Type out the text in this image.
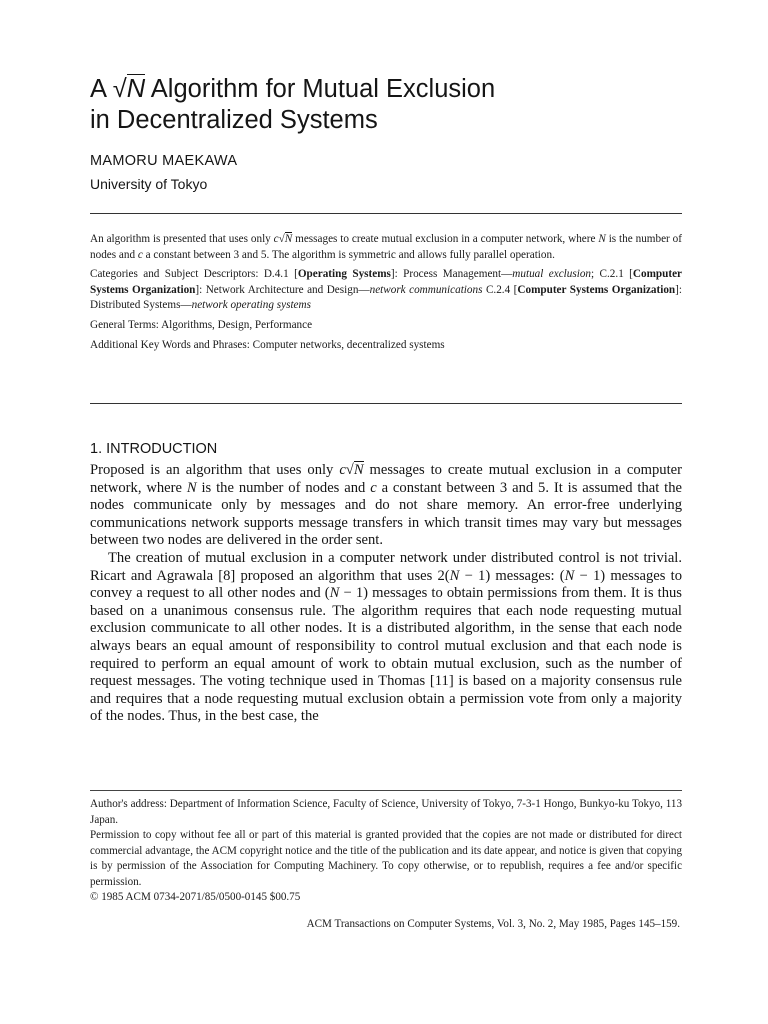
A √N Algorithm for Mutual Exclusion
in Decentralized Systems
MAMORU MAEKAWA
University of Tokyo

An algorithm is presented that uses only c√N messages to create mutual exclusion in a computer network, where N is the number of nodes and c a constant between 3 and 5. The algorithm is symmetric and allows fully parallel operation.

Categories and Subject Descriptors: D.4.1 [Operating Systems]: Process Management—mutual exclusion; C.2.1 [Computer Systems Organization]: Network Architecture and Design—network communications C.2.4 [Computer Systems Organization]: Distributed Systems—network operating systems

General Terms: Algorithms, Design, Performance

Additional Key Words and Phrases: Computer networks, decentralized systems

1. INTRODUCTION

Proposed is an algorithm that uses only c√N messages to create mutual exclusion in a computer network, where N is the number of nodes and c a constant between 3 and 5. It is assumed that the nodes communicate only by messages and do not share memory. An error-free underlying communications network supports message transfers in which transit times may vary but messages between two nodes are delivered in the order sent.

The creation of mutual exclusion in a computer network under distributed control is not trivial. Ricart and Agrawala [8] proposed an algorithm that uses 2(N − 1) messages: (N − 1) messages to convey a request to all other nodes and (N − 1) messages to obtain permissions from them. It is thus based on a unanimous consensus rule. The algorithm requires that each node requesting mutual exclusion communicate to all other nodes. It is a distributed algorithm, in the sense that each node always bears an equal amount of responsibility to control mutual exclusion and that each node is required to perform an equal amount of work to obtain mutual exclusion, such as the number of request messages. The voting technique used in Thomas [11] is based on a majority consensus rule and requires that a node requesting mutual exclusion obtain a permission vote from only a majority of the nodes. Thus, in the best case, the

Author's address: Department of Information Science, Faculty of Science, University of Tokyo, 7-3-1 Hongo, Bunkyo-ku Tokyo, 113 Japan.

Permission to copy without fee all or part of this material is granted provided that the copies are not made or distributed for direct commercial advantage, the ACM copyright notice and the title of the publication and its date appear, and notice is given that copying is by permission of the Association for Computing Machinery. To copy otherwise, or to republish, requires a fee and/or specific permission.

© 1985 ACM 0734-2071/85/0500-0145 $00.75

ACM Transactions on Computer Systems, Vol. 3, No. 2, May 1985, Pages 145–159.
